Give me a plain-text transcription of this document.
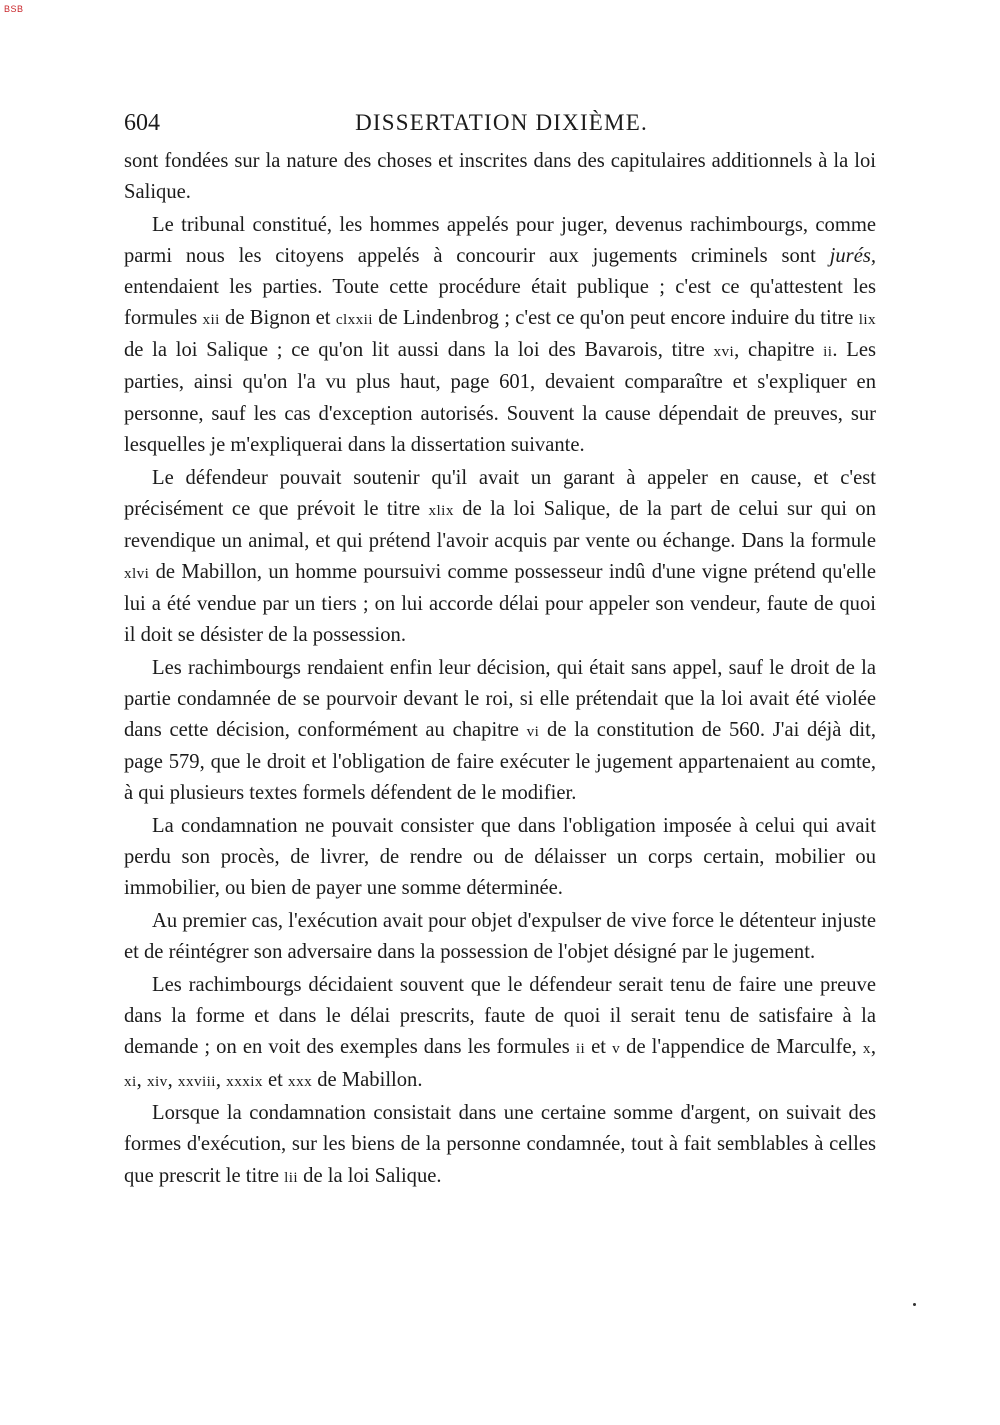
BSB
604	DISSERTATION DIXIÈME.

sont fondées sur la nature des choses et inscrites dans des capitulaires additionnels à la loi Salique.

Le tribunal constitué, les hommes appelés pour juger, devenus rachimbourgs, comme parmi nous les citoyens appelés à concourir aux jugements criminels sont jurés, entendaient les parties. Toute cette procédure était publique ; c'est ce qu'attestent les formules xii de Bignon et clxxii de Lindenbrog ; c'est ce qu'on peut encore induire du titre lix de la loi Salique ; ce qu'on lit aussi dans la loi des Bavarois, titre xvi, chapitre ii. Les parties, ainsi qu'on l'a vu plus haut, page 601, devaient comparaître et s'expliquer en personne, sauf les cas d'exception autorisés. Souvent la cause dépendait de preuves, sur lesquelles je m'expliquerai dans la dissertation suivante.

Le défendeur pouvait soutenir qu'il avait un garant à appeler en cause, et c'est précisément ce que prévoit le titre xlix de la loi Salique, de la part de celui sur qui on revendique un animal, et qui prétend l'avoir acquis par vente ou échange. Dans la formule xlvi de Mabillon, un homme poursuivi comme possesseur indû d'une vigne prétend qu'elle lui a été vendue par un tiers ; on lui accorde délai pour appeler son vendeur, faute de quoi il doit se désister de la possession.

Les rachimbourgs rendaient enfin leur décision, qui était sans appel, sauf le droit de la partie condamnée de se pourvoir devant le roi, si elle prétendait que la loi avait été violée dans cette décision, conformément au chapitre vi de la constitution de 560. J'ai déjà dit, page 579, que le droit et l'obligation de faire exécuter le jugement appartenaient au comte, à qui plusieurs textes formels défendent de le modifier.

La condamnation ne pouvait consister que dans l'obligation imposée à celui qui avait perdu son procès, de livrer, de rendre ou de délaisser un corps certain, mobilier ou immobilier, ou bien de payer une somme déterminée.

Au premier cas, l'exécution avait pour objet d'expulser de vive force le détenteur injuste et de réintégrer son adversaire dans la possession de l'objet désigné par le jugement.

Les rachimbourgs décidaient souvent que le défendeur serait tenu de faire une preuve dans la forme et dans le délai prescrits, faute de quoi il serait tenu de satisfaire à la demande ; on en voit des exemples dans les formules ii et v de l'appendice de Marculfe, x, xi, xiv, xxviii, xxxix et xxx de Mabillon.

Lorsque la condamnation consistait dans une certaine somme d'argent, on suivait des formes d'exécution, sur les biens de la personne condamnée, tout à fait semblables à celles que prescrit le titre lii de la loi Salique.
